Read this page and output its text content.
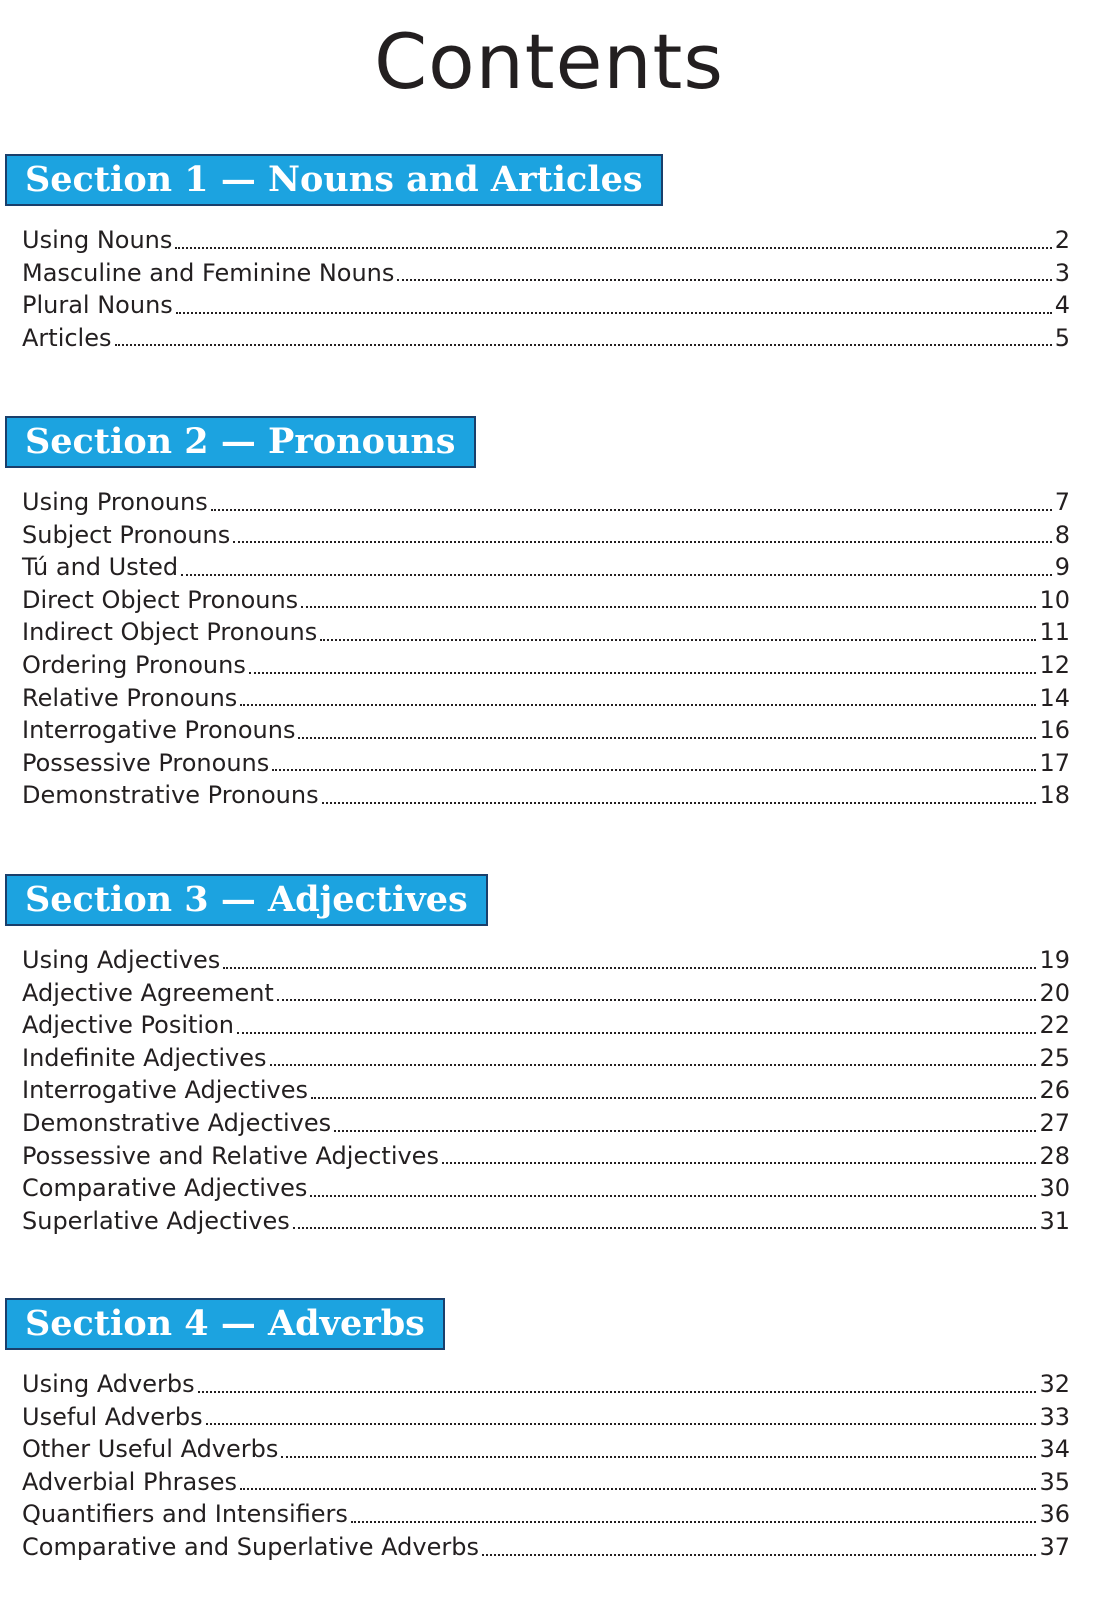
Contents
Section 1 — Nouns and Articles
Using Nouns	2
Masculine and Feminine Nouns	3
Plural Nouns	4
Articles	5
Section 2 — Pronouns
Using Pronouns	7
Subject Pronouns	8
Tú and Usted	9
Direct Object Pronouns	10
Indirect Object Pronouns	11
Ordering Pronouns	12
Relative Pronouns	14
Interrogative Pronouns	16
Possessive Pronouns	17
Demonstrative Pronouns	18
Section 3 — Adjectives
Using Adjectives	19
Adjective Agreement	20
Adjective Position	22
Indefinite Adjectives	25
Interrogative Adjectives	26
Demonstrative Adjectives	27
Possessive and Relative Adjectives	28
Comparative Adjectives	30
Superlative Adjectives	31
Section 4 — Adverbs
Using Adverbs	32
Useful Adverbs	33
Other Useful Adverbs	34
Adverbial Phrases	35
Quantifiers and Intensifiers	36
Comparative and Superlative Adverbs	37
